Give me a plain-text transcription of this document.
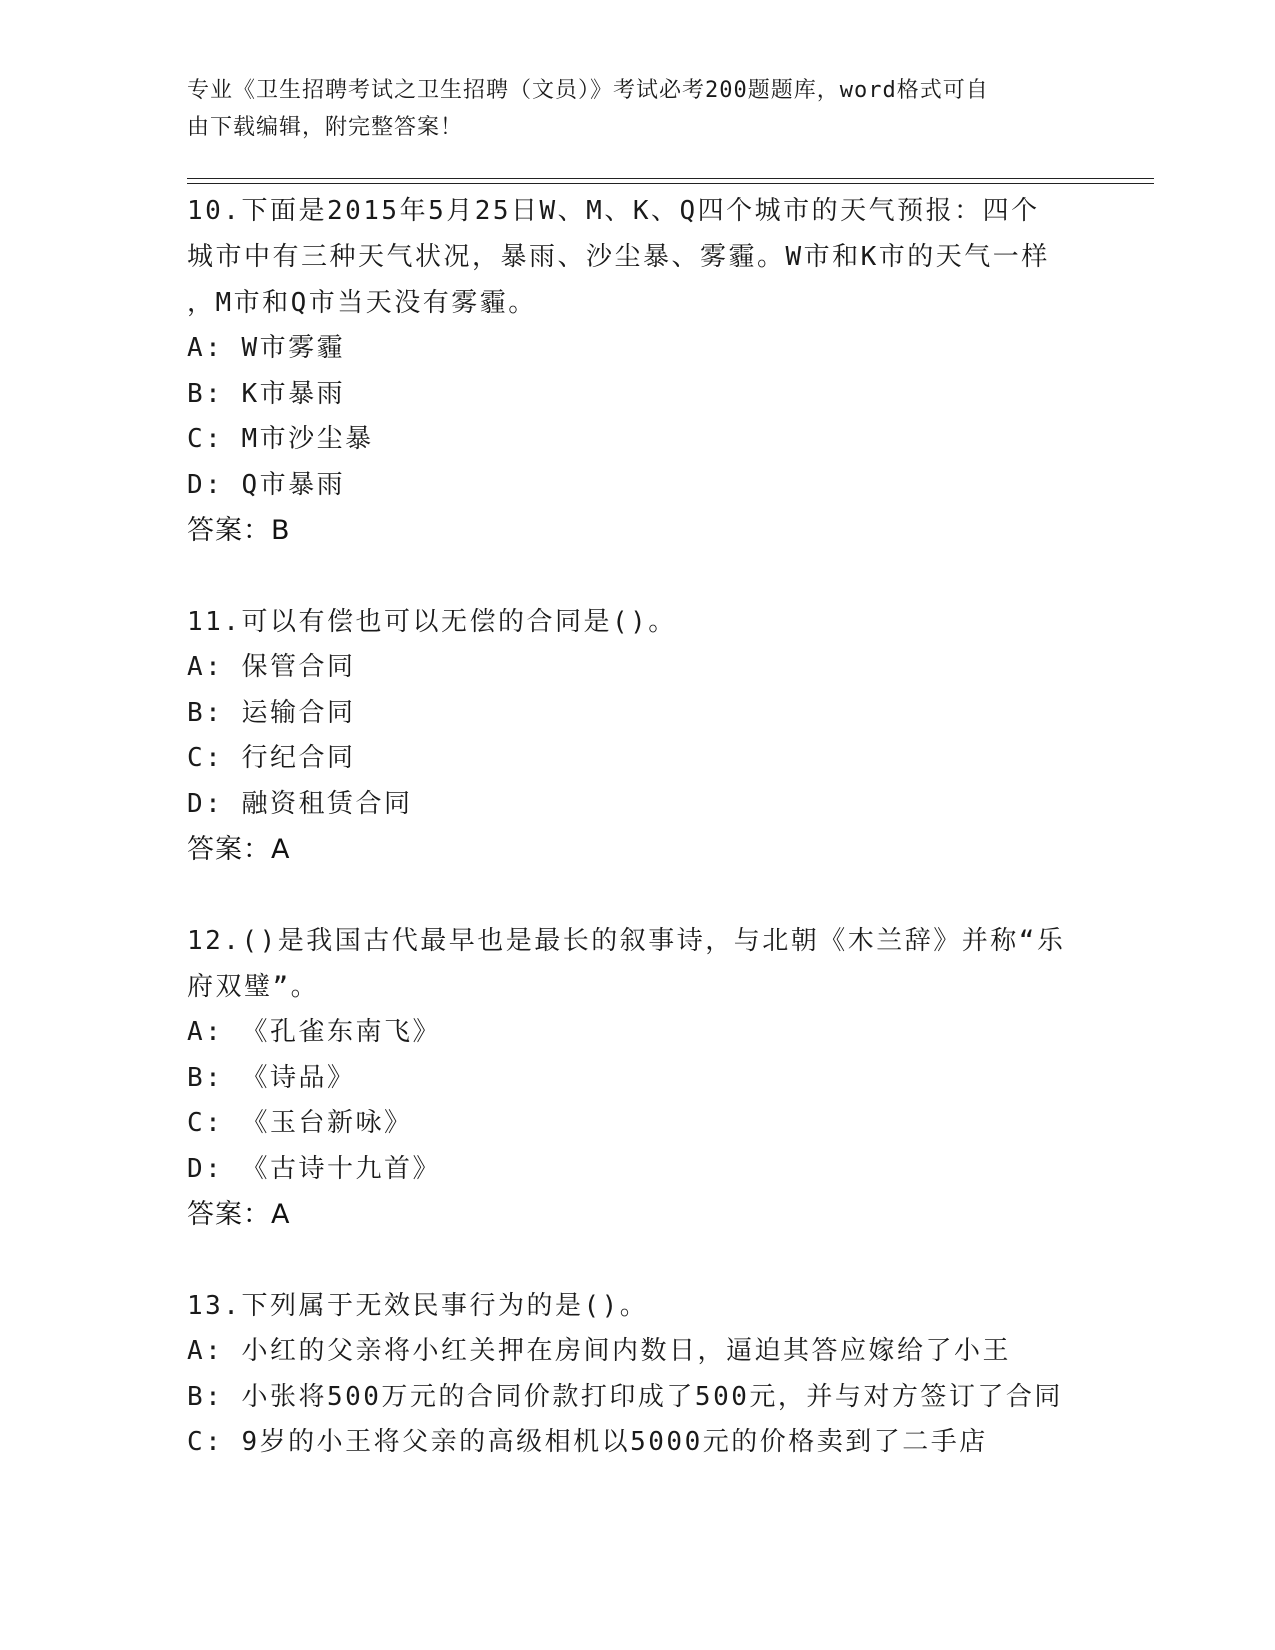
专业《卫生招聘考试之卫生招聘（文员）》考试必考200题题库，word格式可自
由下载编辑，附完整答案！
10.下面是2015年5月25日W、M、K、Q四个城市的天气预报：四个
城市中有三种天气状况，暴雨、沙尘暴、雾霾。W市和K市的天气一样
，M市和Q市当天没有雾霾。
A: W市雾霾
B: K市暴雨
C: M市沙尘暴
D: Q市暴雨
答案：B
11.可以有偿也可以无偿的合同是()。
A: 保管合同
B: 运输合同
C: 行纪合同
D: 融资租赁合同
答案：A
12.()是我国古代最早也是最长的叙事诗，与北朝《木兰辞》并称“乐
府双璧”。
A: 《孔雀东南飞》
B: 《诗品》
C: 《玉台新咏》
D: 《古诗十九首》
答案：A
13.下列属于无效民事行为的是()。
A: 小红的父亲将小红关押在房间内数日，逼迫其答应嫁给了小王
B: 小张将500万元的合同价款打印成了500元，并与对方签订了合同
C: 9岁的小王将父亲的高级相机以5000元的价格卖到了二手店
